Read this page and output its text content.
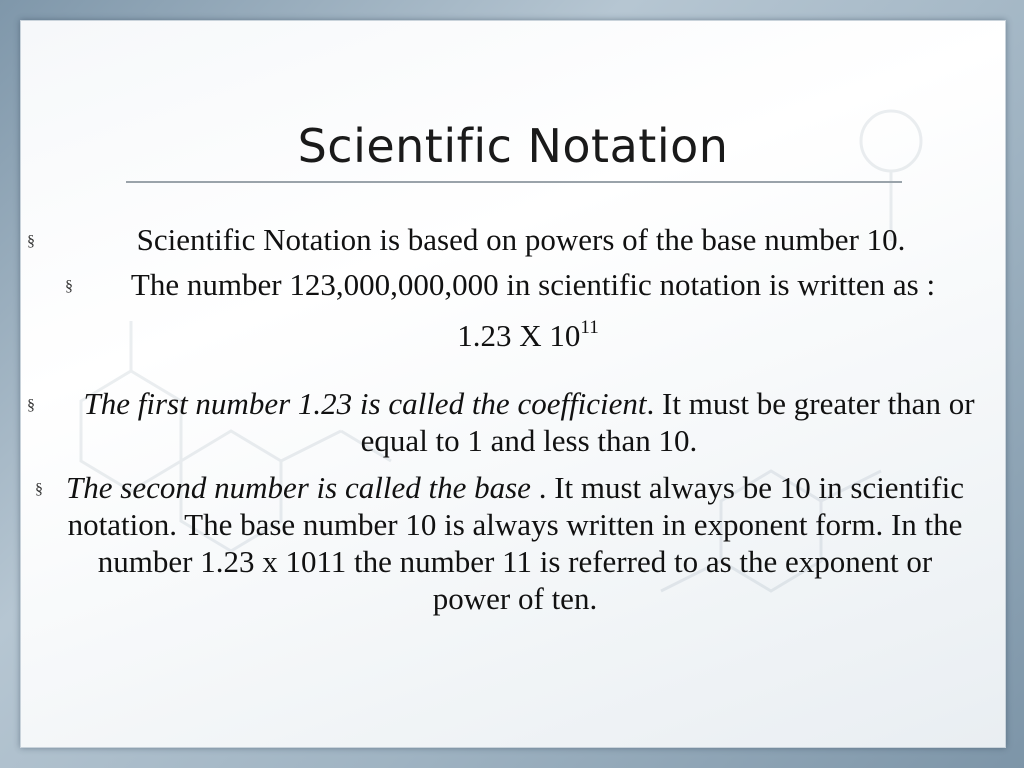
Scientific Notation

§	Scientific Notation is based on powers of the base number 10.

§ The number 123,000,000,000 in scientific notation is written as :

1.23 X $10^{11}$

§ The first number 1.23 is called the coefficient. It must be greater than or equal to 1 and less than 10.

§ The second number is called the base . It must always be 10 in scientific notation. The base number 10 is always written in exponent form. In the number 1.23 x 1011 the number 11 is referred to as the exponent or power of ten.
